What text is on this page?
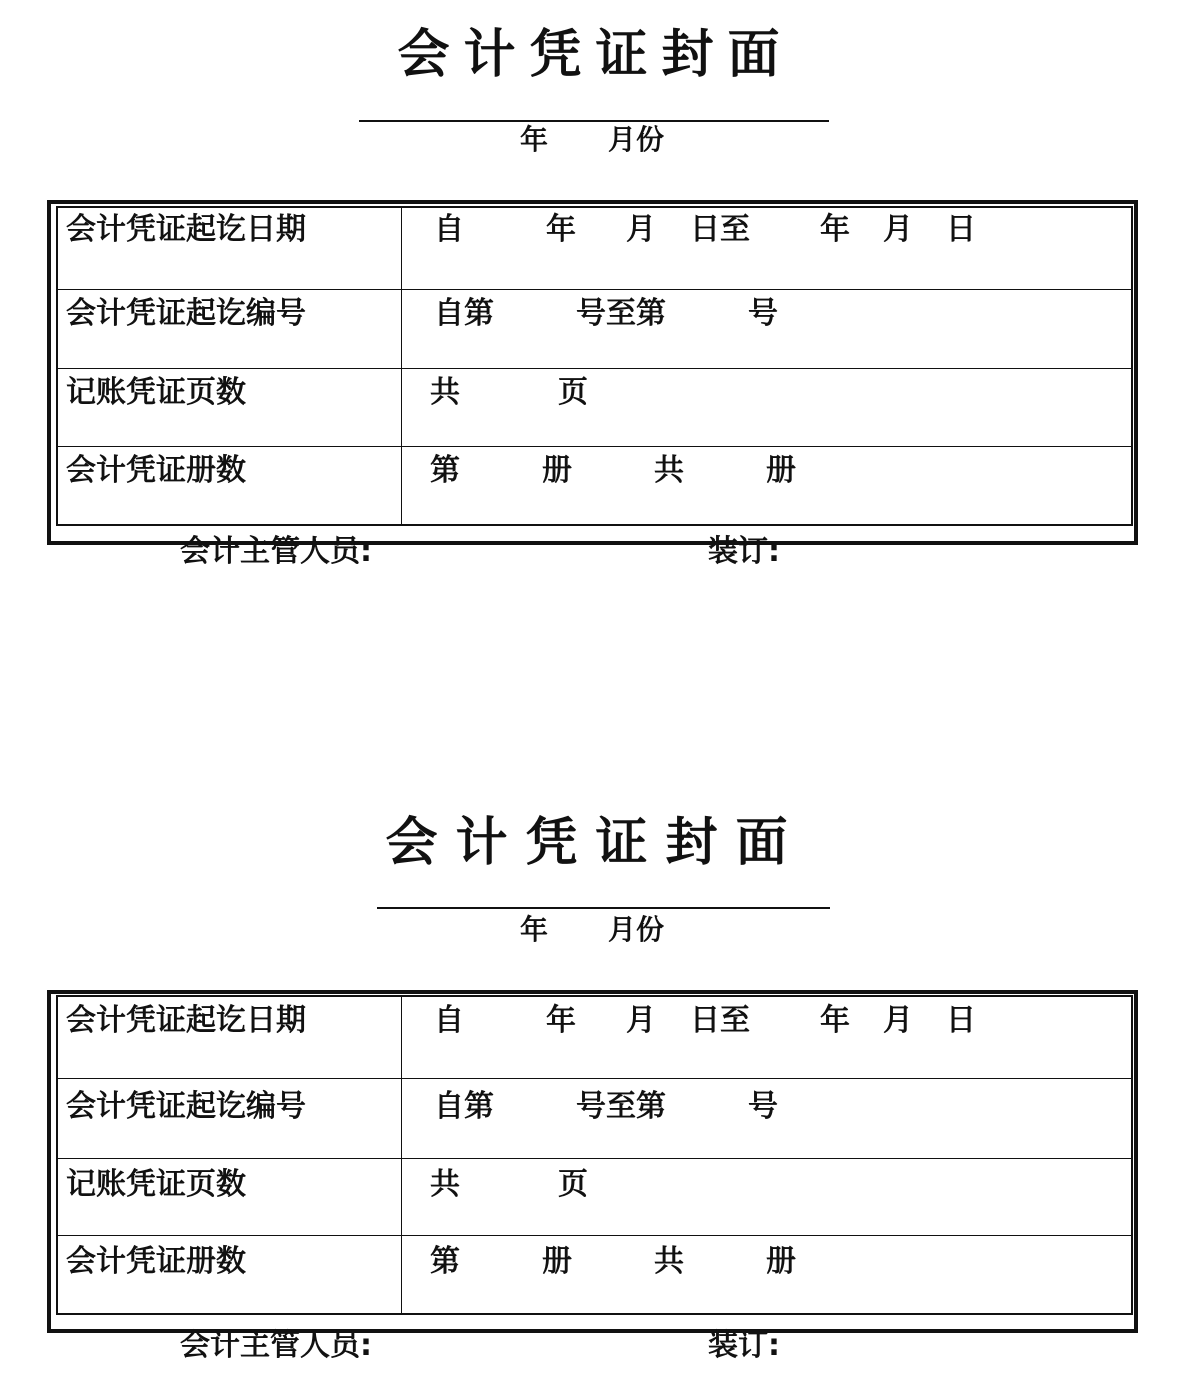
会计凭证封面
年 月份
会计凭证起讫日期	自	年 月 日至 年 月 日
会计凭证起讫编号	自第	号至第	号
记账凭证页数	共	页
会计凭证册数	第	册	共	册
会计主管人员:	装订:
会计凭证封面
年 月份
会计凭证起讫日期	自	年 月 日至 年 月 日
会计凭证起讫编号	自第	号至第	号
记账凭证页数	共	页
会计凭证册数	第	册	共	册
会计主管人员:	装订:
